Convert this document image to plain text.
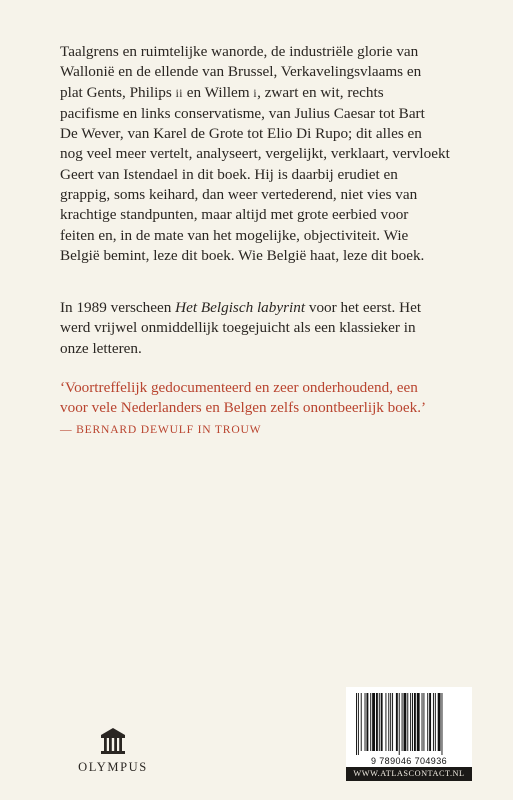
Taalgrens en ruimtelijke wanorde, de industriële glorie van
Wallonië en de ellende van Brussel, Verkavelingsvlaams en
plat Gents, Philips ii en Willem i, zwart en wit, rechts
pacifisme en links conservatisme, van Julius Caesar tot Bart
De Wever, van Karel de Grote tot Elio Di Rupo; dit alles en
nog veel meer vertelt, analyseert, vergelijkt, verklaart, vervloekt
Geert van Istendael in dit boek. Hij is daarbij erudiet en
grappig, soms keihard, dan weer vertederend, niet vies van
krachtige standpunten, maar altijd met grote eerbied voor
feiten en, in de mate van het mogelijke, objectiviteit. Wie
België bemint, leze dit boek. Wie België haat, leze dit boek.
In 1989 verscheen Het Belgisch labyrint voor het eerst. Het
werd vrijwel onmiddellijk toegejuicht als een klassieker in
onze letteren.
‘Voortreffelijk gedocumenteerd en zeer onderhoudend, een
voor vele Nederlanders en Belgen zelfs onontbeerlijk boek.’
— BERNARD DEWULF IN TROUW
OLYMPUS	9 789046 704936
WWW.ATLASCONTACT.NL
